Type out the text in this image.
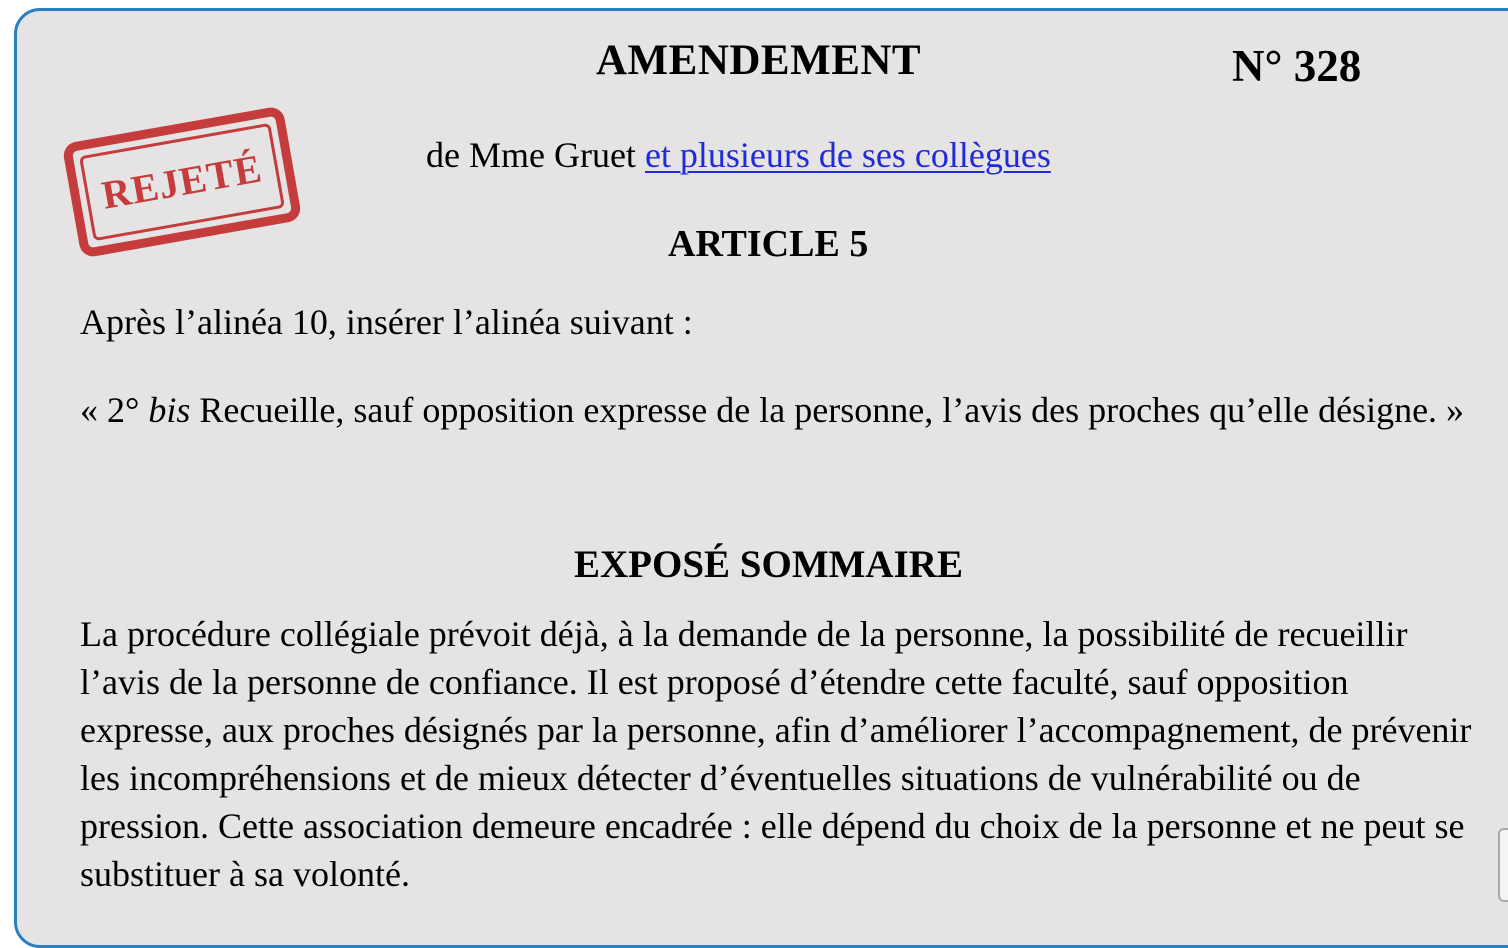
AMENDEMENT	N° 328
REJETÉ	de Mme Gruet et plusieurs de ses collègues
ARTICLE 5
Après l’alinéa 10, insérer l’alinéa suivant :
« 2° bis Recueille, sauf opposition expresse de la personne, l’avis des proches qu’elle désigne. »
EXPOSÉ SOMMAIRE
La procédure collégiale prévoit déjà, à la demande de la personne, la possibilité de recueillir l’avis de la personne de confiance. Il est proposé d’étendre cette faculté, sauf opposition expresse, aux proches désignés par la personne, afin d’améliorer l’accompagnement, de prévenir les incompréhensions et de mieux détecter d’éventuelles situations de vulnérabilité ou de pression. Cette association demeure encadrée : elle dépend du choix de la personne et ne peut se substituer à sa volonté.
